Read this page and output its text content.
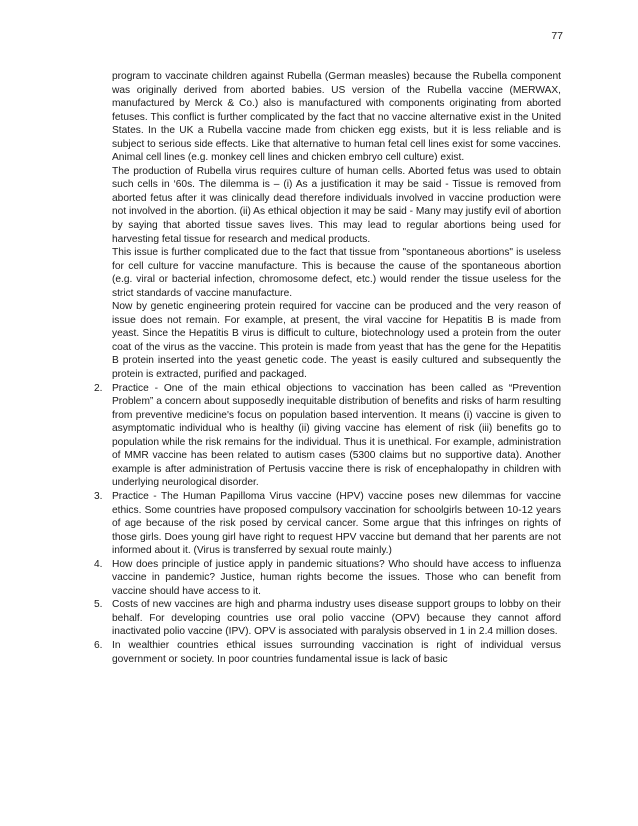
77

program to vaccinate children against Rubella (German measles) because the Rubella component was originally derived from aborted babies. US version of the Rubella vaccine (MERWAX, manufactured by Merck & Co.) also is manufactured with components originating from aborted fetuses. This conflict is further complicated by the fact that no vaccine alternative exist in the United States. In the UK a Rubella vaccine made from chicken egg exists, but it is less reliable and is subject to serious side effects. Like that alternative to human fetal cell lines exist for some vaccines. Animal cell lines (e.g. monkey cell lines and chicken embryo cell culture) exist.

The production of Rubella virus requires culture of human cells. Aborted fetus was used to obtain such cells in ‘60s. The dilemma is – (i) As a justification it may be said - Tissue is removed from aborted fetus after it was clinically dead therefore individuals involved in vaccine production were not involved in the abortion. (ii) As ethical objection it may be said - Many may justify evil of abortion by saying that aborted tissue saves lives. This may lead to regular abortions being used for harvesting fetal tissue for research and medical products.

This issue is further complicated due to the fact that tissue from "spontaneous abortions" is useless for cell culture for vaccine manufacture. This is because the cause of the spontaneous abortion (e.g. viral or bacterial infection, chromosome defect, etc.) would render the tissue useless for the strict standards of vaccine manufacture.

Now by genetic engineering protein required for vaccine can be produced and the very reason of issue does not remain. For example, at present, the viral vaccine for Hepatitis B is made from yeast. Since the Hepatitis B virus is difficult to culture, biotechnology used a protein from the outer coat of the virus as the vaccine. This protein is made from yeast that has the gene for the Hepatitis B protein inserted into the yeast genetic code. The yeast is easily cultured and subsequently the protein is extracted, purified and packaged.

2. Practice - One of the main ethical objections to vaccination has been called as “Prevention Problem” a concern about supposedly inequitable distribution of benefits and risks of harm resulting from preventive medicine's focus on population based intervention. It means (i) vaccine is given to asymptomatic individual who is healthy (ii) giving vaccine has element of risk (iii) benefits go to population while the risk remains for the individual. Thus it is unethical. For example, administration of MMR vaccine has been related to autism cases (5300 claims but no supportive data). Another example is after administration of Pertusis vaccine there is risk of encephalopathy in children with underlying neurological disorder.
3. Practice - The Human Papilloma Virus vaccine (HPV) vaccine poses new dilemmas for vaccine ethics. Some countries have proposed compulsory vaccination for schoolgirls between 10-12 years of age because of the risk posed by cervical cancer. Some argue that this infringes on rights of those girls. Does young girl have right to request HPV vaccine but demand that her parents are not informed about it. (Virus is transferred by sexual route mainly.)
4. How does principle of justice apply in pandemic situations? Who should have access to influenza vaccine in pandemic? Justice, human rights become the issues. Those who can benefit from vaccine should have access to it.
5. Costs of new vaccines are high and pharma industry uses disease support groups to lobby on their behalf. For developing countries use oral polio vaccine (OPV) because they cannot afford inactivated polio vaccine (IPV). OPV is associated with paralysis observed in 1 in 2.4 million doses.
6. In wealthier countries ethical issues surrounding vaccination is right of individual versus government or society. In poor countries fundamental issue is lack of basic
